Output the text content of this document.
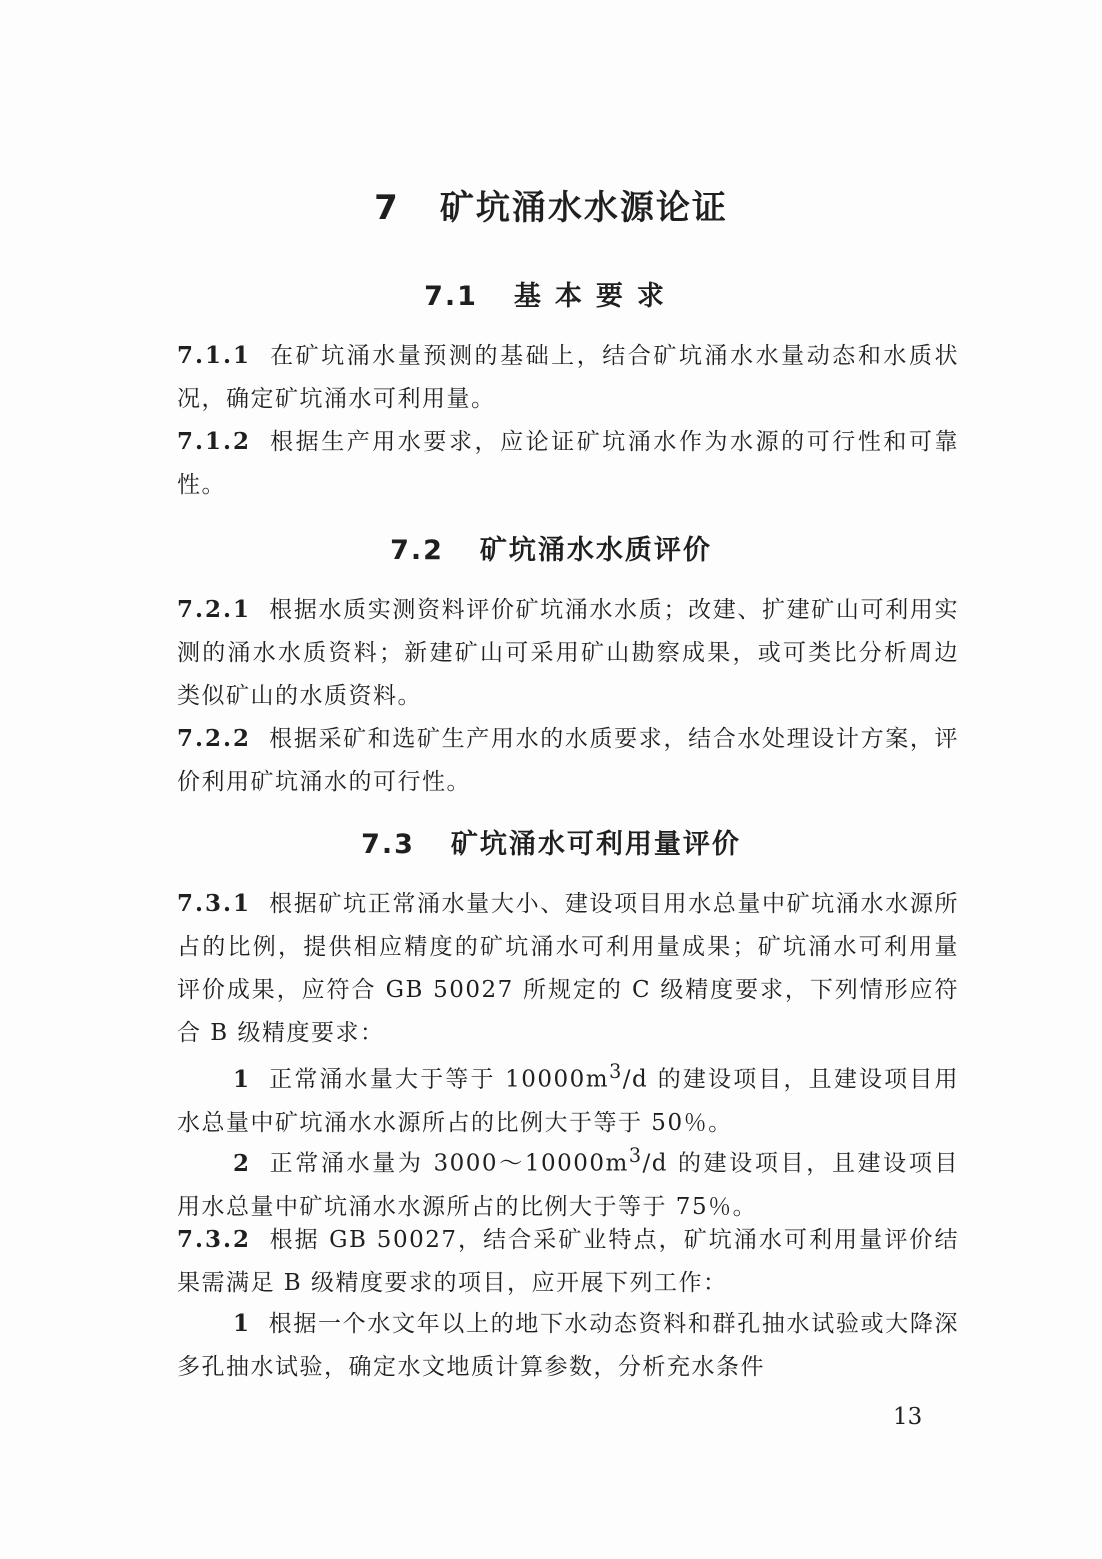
7 矿坑涌水水源论证
7.1 基本要求
7.1.1 在矿坑涌水量预测的基础上，结合矿坑涌水水量动态和水质状况，确定矿坑涌水可利用量。
7.1.2 根据生产用水要求，应论证矿坑涌水作为水源的可行性和可靠性。
7.2 矿坑涌水水质评价
7.2.1 根据水质实测资料评价矿坑涌水水质；改建、扩建矿山可利用实测的涌水水质资料；新建矿山可采用矿山勘察成果，或可类比分析周边类似矿山的水质资料。
7.2.2 根据采矿和选矿生产用水的水质要求，结合水处理设计方案，评价利用矿坑涌水的可行性。
7.3 矿坑涌水可利用量评价
7.3.1 根据矿坑正常涌水量大小、建设项目用水总量中矿坑涌水水源所占的比例，提供相应精度的矿坑涌水可利用量成果；矿坑涌水可利用量评价成果，应符合 GB 50027 所规定的 C 级精度要求，下列情形应符合 B 级精度要求：
1 正常涌水量大于等于 $10000m^3/d$ 的建设项目，且建设项目用水总量中矿坑涌水水源所占的比例大于等于 50％。
2 正常涌水量为 $3000\sim 10000m^3/d$ 的建设项目，且建设项目用水总量中矿坑涌水水源所占的比例大于等于 75％。
7.3.2 根据 GB 50027，结合采矿业特点，矿坑涌水可利用量评价结果需满足 B 级精度要求的项目，应开展下列工作：
1 根据一个水文年以上的地下水动态资料和群孔抽水试验或大降深多孔抽水试验，确定水文地质计算参数，分析充水条件
13
